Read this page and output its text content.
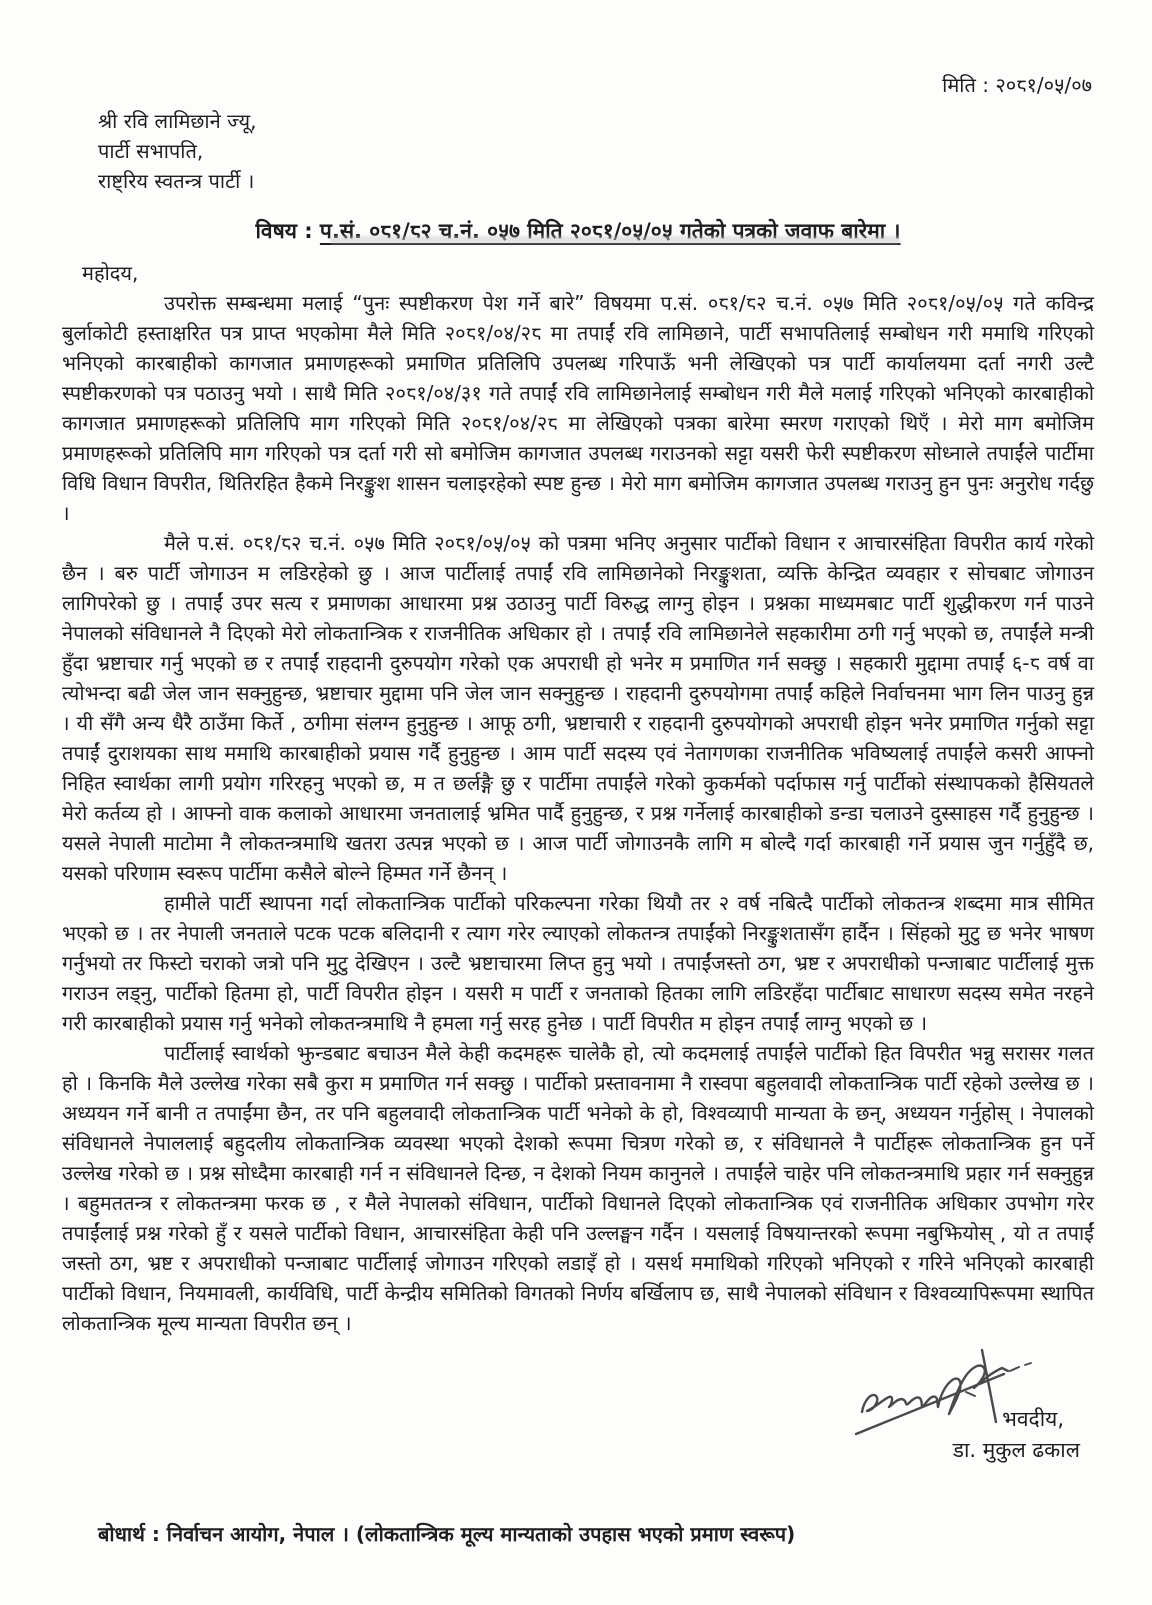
मिति : २०८१/०५/०७
श्री रवि लामिछाने ज्यू,
पार्टी सभापति,
राष्ट्रिय स्वतन्त्र पार्टी ।
विषय : प.सं. ०८१/८२ च.नं. ०५७ मिति २०८१/०५/०५ गतेको पत्रको जवाफ बारेमा ।
महोदय,

उपरोक्त सम्बन्धमा मलाई “पुनः स्पष्टीकरण पेश गर्ने बारे” विषयमा प.सं. ०८१/८२ च.नं. ०५७ मिति २०८१/०५/०५ गते कविन्द्र बुर्लाकोटी हस्ताक्षरित पत्र प्राप्त भएकोमा मैले मिति २०८१/०४/२८ मा तपाईं रवि लामिछाने, पार्टी सभापतिलाई सम्बोधन गरी ममाथि गरिएको भनिएको कारबाहीको कागजात प्रमाणहरूको प्रमाणित प्रतिलिपि उपलब्ध गरिपाऊँ भनी लेखिएको पत्र पार्टी कार्यालयमा दर्ता नगरी उल्टै स्पष्टीकरणको पत्र पठाउनु भयो । साथै मिति २०८१/०४/३१ गते तपाईं रवि लामिछानेलाई सम्बोधन गरी मैले मलाई गरिएको भनिएको कारबाहीको कागजात प्रमाणहरूको प्रतिलिपि माग गरिएको मिति २०८१/०४/२८ मा लेखिएको पत्रका बारेमा स्मरण गराएको थिएँ । मेरो माग बमोजिम प्रमाणहरूको प्रतिलिपि माग गरिएको पत्र दर्ता गरी सो बमोजिम कागजात उपलब्ध गराउनको सट्टा यसरी फेरी स्पष्टीकरण सोध्नाले तपाईंले पार्टीमा विधि विधान विपरीत, थितिरहित हैकमे निरङ्कुश शासन चलाइरहेको स्पष्ट हुन्छ । मेरो माग बमोजिम कागजात उपलब्ध गराउनु हुन पुनः अनुरोध गर्दछु ।

मैले प.सं. ०८१/८२ च.नं. ०५७ मिति २०८१/०५/०५ को पत्रमा भनिए अनुसार पार्टीको विधान र आचारसंहिता विपरीत कार्य गरेको छैन । बरु पार्टी जोगाउन म लडिरहेको छु । आज पार्टीलाई तपाईं रवि लामिछानेको निरङ्कुशता, व्यक्ति केन्द्रित व्यवहार र सोचबाट जोगाउन लागिपरेको छु । तपाईं उपर सत्य र प्रमाणका आधारमा प्रश्न उठाउनु पार्टी विरुद्ध लाग्नु होइन । प्रश्नका माध्यमबाट पार्टी शुद्धीकरण गर्न पाउने नेपालको संविधानले नै दिएको मेरो लोकतान्त्रिक र राजनीतिक अधिकार हो । तपाईं रवि लामिछानेले सहकारीमा ठगी गर्नु भएको छ, तपाईंले मन्त्री हुँदा भ्रष्टाचार गर्नु भएको छ र तपाईं राहदानी दुरुपयोग गरेको एक अपराधी हो भनेर म प्रमाणित गर्न सक्छु । सहकारी मुद्दामा तपाईं ६-८ वर्ष वा त्योभन्दा बढी जेल जान सक्नुहुन्छ, भ्रष्टाचार मुद्दामा पनि जेल जान सक्नुहुन्छ । राहदानी दुरुपयोगमा तपाईं कहिले निर्वाचनमा भाग लिन पाउनु हुन्न । यी सँगै अन्य धैरै ठाउँमा किर्ते , ठगीमा संलग्न हुनुहुन्छ । आफू ठगी, भ्रष्टाचारी र राहदानी दुरुपयोगको अपराधी होइन भनेर प्रमाणित गर्नुको सट्टा तपाईं दुराशयका साथ ममाथि कारबाहीको प्रयास गर्दै हुनुहुन्छ । आम पार्टी सदस्य एवं नेतागणका राजनीतिक भविष्यलाई तपाईंले कसरी आफ्नो निहित स्वार्थका लागी प्रयोग गरिरहनु भएको छ, म त छर्लङ्गै छु र पार्टीमा तपाईंले गरेको कुकर्मको पर्दाफास गर्नु पार्टीको संस्थापकको हैसियतले मेरो कर्तव्य हो । आफ्नो वाक कलाको आधारमा जनतालाई भ्रमित पार्दै हुनुहुन्छ, र प्रश्न गर्नेलाई कारबाहीको डन्डा चलाउने दुस्साहस गर्दै हुनुहुन्छ । यसले नेपाली माटोमा नै लोकतन्त्रमाथि खतरा उत्पन्न भएको छ । आज पार्टी जोगाउनकै लागि म बोल्दै गर्दा कारबाही गर्ने प्रयास जुन गर्नुहुँदै छ, यसको परिणाम स्वरूप पार्टीमा कसैले बोल्ने हिम्मत गर्ने छैनन् ।

हामीले पार्टी स्थापना गर्दा लोकतान्त्रिक पार्टीको परिकल्पना गरेका थियौ तर २ वर्ष नबित्दै पार्टीको लोकतन्त्र शब्दमा मात्र सीमित भएको छ । तर नेपाली जनताले पटक पटक बलिदानी र त्याग गरेर ल्याएको लोकतन्त्र तपाईंको निरङ्कुशतासँग हार्दैन । सिंहको मुटु छ भनेर भाषण गर्नुभयो तर फिस्टो चराको जत्रो पनि मुटु देखिएन । उल्टै भ्रष्टाचारमा लिप्त हुनु भयो । तपाईंजस्तो ठग, भ्रष्ट र अपराधीको पन्जाबाट पार्टीलाई मुक्त गराउन लड्नु, पार्टीको हितमा हो, पार्टी विपरीत होइन । यसरी म पार्टी र जनताको हितका लागि लडिरहँदा पार्टीबाट साधारण सदस्य समेत नरहने गरी कारबाहीको प्रयास गर्नु भनेको लोकतन्त्रमाथि नै हमला गर्नु सरह हुनेछ । पार्टी विपरीत म होइन तपाईं लाग्नु भएको छ ।

पार्टीलाई स्वार्थको झुन्डबाट बचाउन मैले केही कदमहरू चालेकै हो, त्यो कदमलाई तपाईंले पार्टीको हित विपरीत भन्नु सरासर गलत हो । किनकि मैले उल्लेख गरेका सबै कुरा म प्रमाणित गर्न सक्छु । पार्टीको प्रस्तावनामा नै रास्वपा बहुलवादी लोकतान्त्रिक पार्टी रहेको उल्लेख छ । अध्ययन गर्ने बानी त तपाईंमा छैन, तर पनि बहुलवादी लोकतान्त्रिक पार्टी भनेको के हो, विश्वव्यापी मान्यता के छन्, अध्ययन गर्नुहोस् । नेपालको संविधानले नेपाललाई बहुदलीय लोकतान्त्रिक व्यवस्था भएको देशको रूपमा चित्रण गरेको छ, र संविधानले नै पार्टीहरू लोकतान्त्रिक हुन पर्ने उल्लेख गरेको छ । प्रश्न सोध्दैमा कारबाही गर्न न संविधानले दिन्छ, न देशको नियम कानुनले । तपाईंले चाहेर पनि लोकतन्त्रमाथि प्रहार गर्न सक्नुहुन्न । बहुमततन्त्र र लोकतन्त्रमा फरक छ , र मैले नेपालको संविधान, पार्टीको विधानले दिएको लोकतान्त्रिक एवं राजनीतिक अधिकार उपभोग गरेर तपाईंलाई प्रश्न गरेको हुँ र यसले पार्टीको विधान, आचारसंहिता केही पनि उल्लङ्घन गर्दैन । यसलाई विषयान्तरको रूपमा नबुझियोस् , यो त तपाईं जस्तो ठग, भ्रष्ट र अपराधीको पन्जाबाट पार्टीलाई जोगाउन गरिएको लडाइँ हो । यसर्थ ममाथिको गरिएको भनिएको र गरिने भनिएको कारबाही पार्टीको विधान, नियमावली, कार्यविधि, पार्टी केन्द्रीय समितिको विगतको निर्णय बर्खिलाप छ, साथै नेपालको संविधान र विश्वव्यापिरूपमा स्थापित लोकतान्त्रिक मूल्य मान्यता विपरीत छन् ।

भवदीय,
डा. मुकुल ढकाल
बोधार्थ : निर्वाचन आयोग, नेपाल । (लोकतान्त्रिक मूल्य मान्यताको उपहास भएको प्रमाण स्वरूप)
